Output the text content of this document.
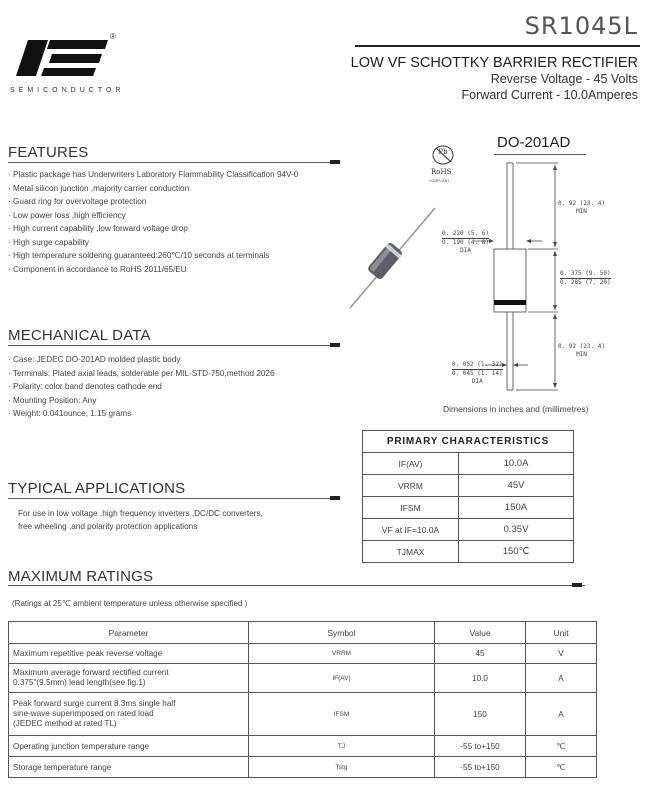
SR1045L
®
SEMICONDUCTOR
LOW VF SCHOTTKY BARRIER RECTIFIER
Reverse Voltage - 45 Volts
Forward Current - 10.0Amperes
FEATURES
· Plastic package has Underwriters Laboratory Flammability Classification 94V-0
· Metal silicon junction ,majority carrier conduction
· Guard ring for overvoltage protection
· Low power loss ,high efficiency
· High current capability ,low forward voltage drop
· High surge capability
· High temperature soldering guaranteed:260℃/10 seconds at terminals
· Component in accordance to RoHS 2011/65/EU
Pb
RoHS
COMPLIANT
DO-201AD
0. 92 (23. 4)
MIN
0. 220 (5. 6)
0. 190 (4. 8)
DIA
0. 375 (9. 50)
0. 285 (7. 20)
0. 92 (23. 4)
MIN
0. 052 (1. 32)
0. 045 (1. 14)
DIA
Dimensions in inches and (millimetres)
MECHANICAL DATA
· Case: JEDEC DO-201AD molded plastic body
· Terminals: Plated axial leads, solderable per MIL-STD-750,method 2026
· Polarity: color band denotes cathode end
· Mounting Position: Any
· Weight: 0.041ounce, 1.15 grams
PRIMARY CHARACTERISTICS	
IF(AV)	10.0A
VRRM	45V
IFSM	150A
VF at IF=10.0A	0.35V
TJMAX	150℃
TYPICAL APPLICATIONS
For use in low voltage ,high frequency inverters ,DC/DC converters,
free wheeling ,and polarity protection applications
MAXIMUM RATINGS
(Ratings at 25℃ ambient temperature unless otherwise specified )
Parameter	Symbol	Value	Unit
Maximum repetitive peak reverse voltage	VRRM	45	V
Maximum average forward rectified current
0.375"(9.5mm) lead length(see fig.1)	IF(AV)	10.0	A
Peak forward surge current 8.3ms single half
sine-wave superimposed on rated load
(JEDEC method at rated TL)	IFSM	150	A
Operating junction temperature range	TJ	-55 to+150	℃
Storage temperature range	Tstg	-55 to+150	℃
